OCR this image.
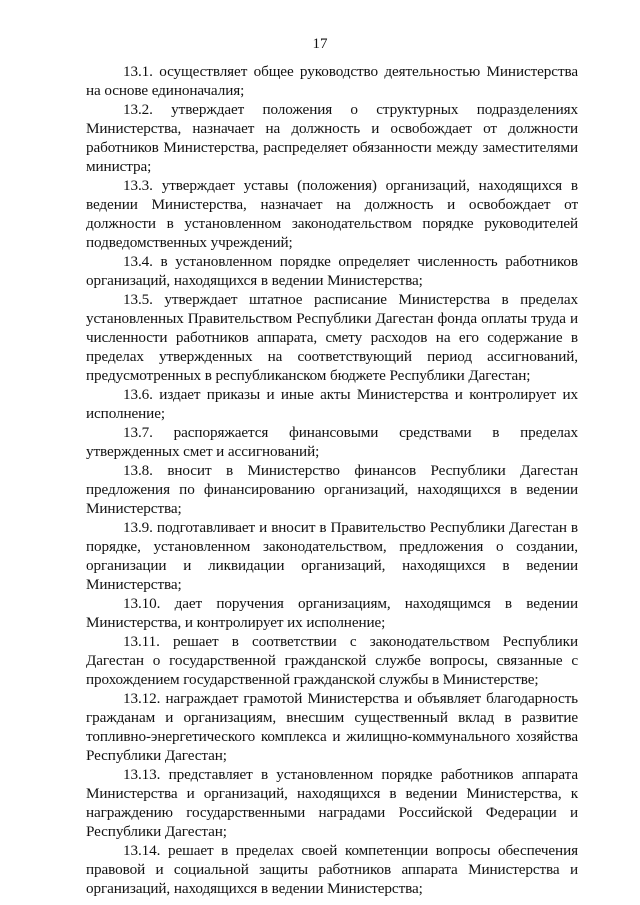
17

13.1. осуществляет общее руководство деятельностью Министерства на основе единоначалия;

13.2. утверждает положения о структурных подразделениях Министерства, назначает на должность и освобождает от должности работников Министерства, распределяет обязанности между заместителями министра;

13.3. утверждает уставы (положения) организаций, находящихся в ведении Министерства, назначает на должность и освобождает от должности в установленном законодательством порядке руководителей подведомственных учреждений;

13.4. в установленном порядке определяет численность работников организаций, находящихся в ведении Министерства;

13.5. утверждает штатное расписание Министерства в пределах установленных Правительством Республики Дагестан фонда оплаты труда и численности работников аппарата, смету расходов на его содержание в пределах утвержденных на соответствующий период ассигнований, предусмотренных в республиканском бюджете Республики Дагестан;

13.6. издает приказы и иные акты Министерства и контролирует их исполнение;

13.7. распоряжается финансовыми средствами в пределах утвержденных смет и ассигнований;

13.8. вносит в Министерство финансов Республики Дагестан предложения по финансированию организаций, находящихся в ведении Министерства;

13.9. подготавливает и вносит в Правительство Республики Дагестан в порядке, установленном законодательством, предложения о создании, организации и ликвидации организаций, находящихся в ведении Министерства;

13.10. дает поручения организациям, находящимся в ведении Министерства, и контролирует их исполнение;

13.11. решает в соответствии с законодательством Республики Дагестан о государственной гражданской службе вопросы, связанные с прохождением государственной гражданской службы в Министерстве;

13.12. награждает грамотой Министерства и объявляет благодарность гражданам и организациям, внесшим существенный вклад в развитие топливно-энергетического комплекса и жилищно-коммунального хозяйства Республики Дагестан;

13.13. представляет в установленном порядке работников аппарата Министерства и организаций, находящихся в ведении Министерства, к награждению государственными наградами Российской Федерации и Республики Дагестан;

13.14. решает в пределах своей компетенции вопросы обеспечения правовой и социальной защиты работников аппарата Министерства и организаций, находящихся в ведении Министерства;
